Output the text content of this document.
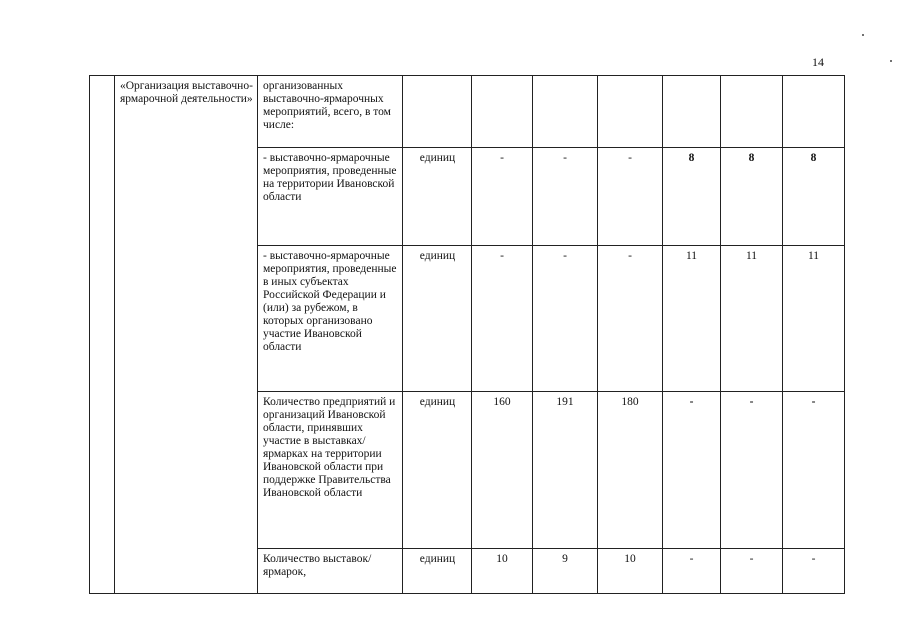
14
	«Организация выставочно-ярмарочной деятельности»	организованных выставочно-ярмарочных мероприятий, всего, в том числе:							
		- выставочно-ярмарочные мероприятия, проведенные на территории Ивановской области	единиц	-	-	-	8	8	8
		- выставочно-ярмарочные мероприятия, проведенные в иных субъектах Российской Федерации и (или) за рубежом, в которых организовано участие Ивановской области	единиц	-	-	-	11	11	11
		Количество предприятий и организаций Ивановской области, принявших участие в выставках/ярмарках на территории Ивановской области при поддержке Правительства Ивановской области	единиц	160	191	180	-	-	-
		Количество выставок/ярмарок,	единиц	10	9	10	-	-	-
